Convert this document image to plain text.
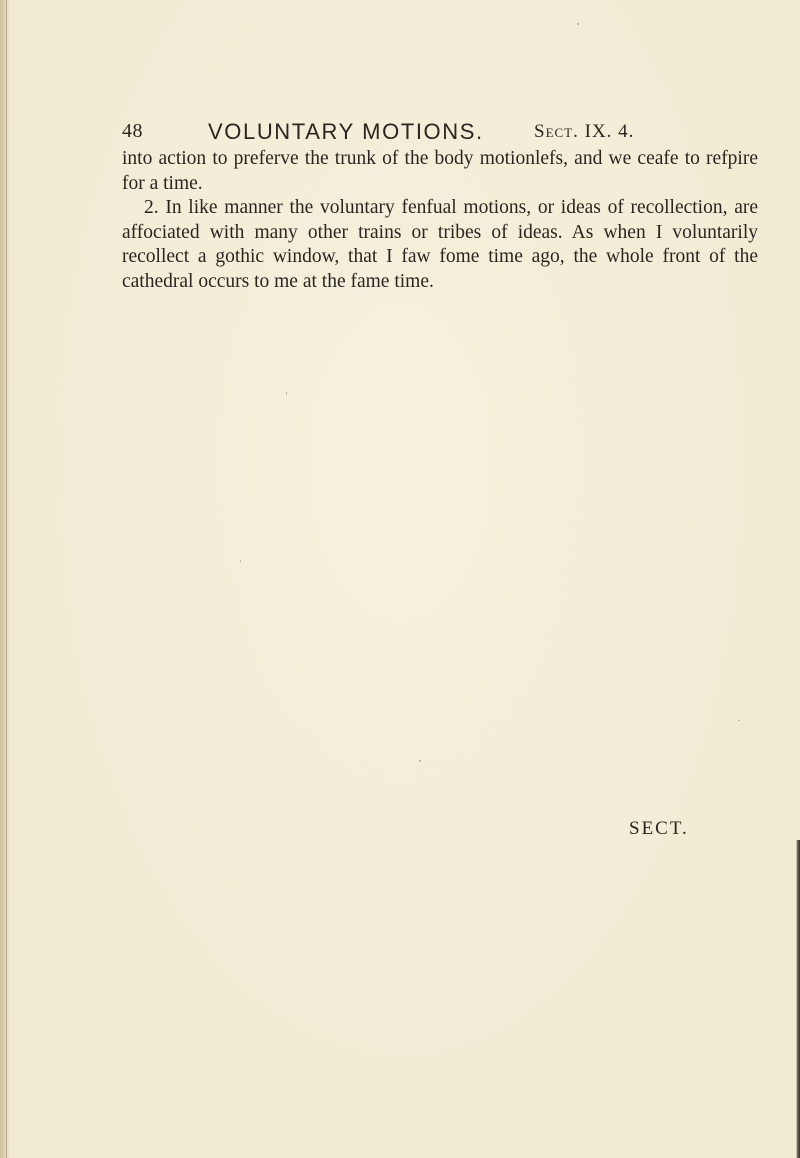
48	VOLUNTARY MOTIONS.	Sect. IX. 4.

into action to preferve the trunk of the body motionlefs, and we ceafe to refpire for a time.

2. In like manner the voluntary fenfual motions, or ideas of recollection, are affociated with many other trains or tribes of ideas. As when I voluntarily recollect a gothic window, that I faw fome time ago, the whole front of the cathedral occurs to me at the fame time.

SECT.
